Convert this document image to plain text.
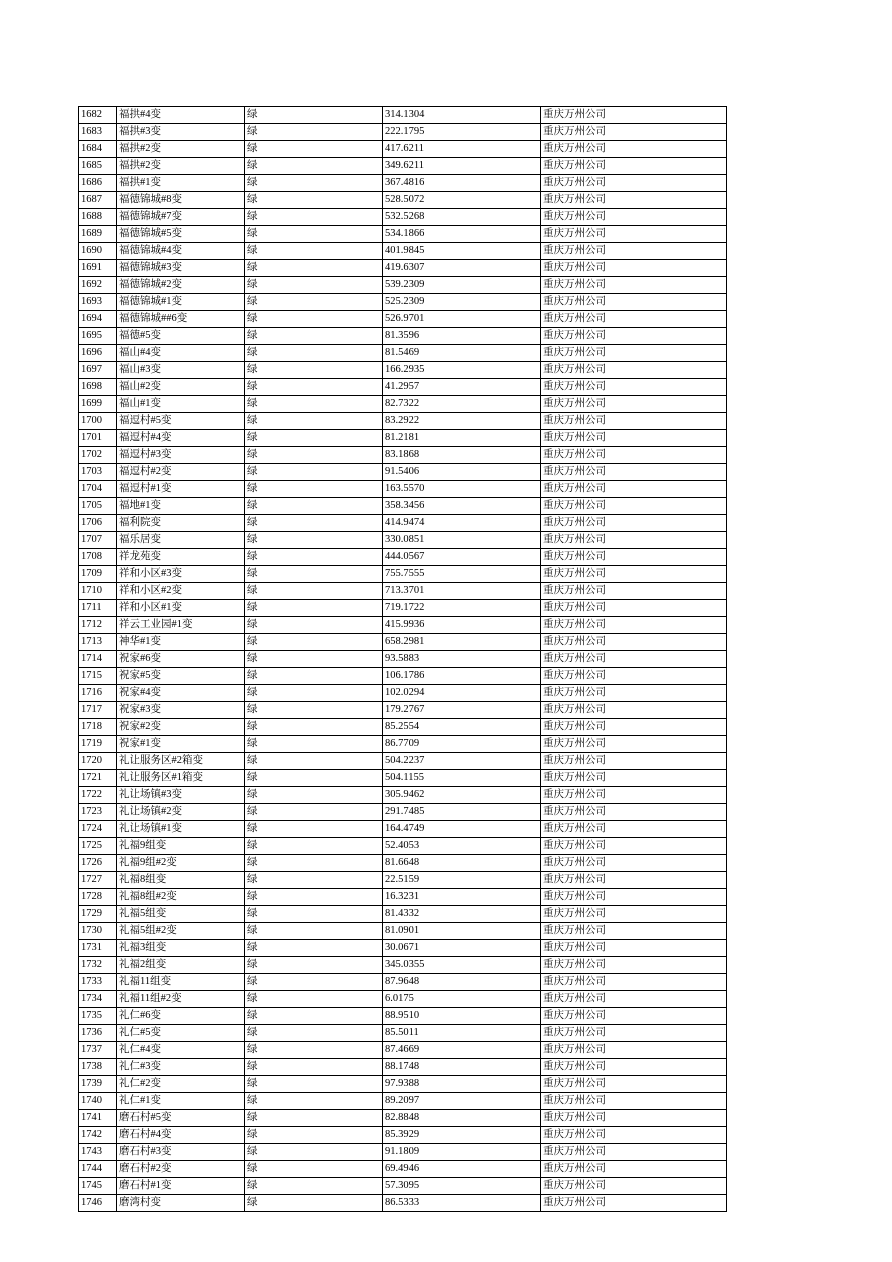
1682	福拱#4变	绿	314.1304	重庆万州公司
1683	福拱#3变	绿	222.1795	重庆万州公司
1684	福拱#2变	绿	417.6211	重庆万州公司
1685	福拱#2变	绿	349.6211	重庆万州公司
1686	福拱#1变	绿	367.4816	重庆万州公司
1687	福德锦城#8变	绿	528.5072	重庆万州公司
1688	福德锦城#7变	绿	532.5268	重庆万州公司
1689	福德锦城#5变	绿	534.1866	重庆万州公司
1690	福德锦城#4变	绿	401.9845	重庆万州公司
1691	福德锦城#3变	绿	419.6307	重庆万州公司
1692	福德锦城#2变	绿	539.2309	重庆万州公司
1693	福德锦城#1变	绿	525.2309	重庆万州公司
1694	福德锦城##6变	绿	526.9701	重庆万州公司
1695	福德#5变	绿	81.3596	重庆万州公司
1696	福山#4变	绿	81.5469	重庆万州公司
1697	福山#3变	绿	166.2935	重庆万州公司
1698	福山#2变	绿	41.2957	重庆万州公司
1699	福山#1变	绿	82.7322	重庆万州公司
1700	福逗村#5变	绿	83.2922	重庆万州公司
1701	福逗村#4变	绿	81.2181	重庆万州公司
1702	福逗村#3变	绿	83.1868	重庆万州公司
1703	福逗村#2变	绿	91.5406	重庆万州公司
1704	福逗村#1变	绿	163.5570	重庆万州公司
1705	福地#1变	绿	358.3456	重庆万州公司
1706	福利院变	绿	414.9474	重庆万州公司
1707	福乐居变	绿	330.0851	重庆万州公司
1708	祥龙苑变	绿	444.0567	重庆万州公司
1709	祥和小区#3变	绿	755.7555	重庆万州公司
1710	祥和小区#2变	绿	713.3701	重庆万州公司
1711	祥和小区#1变	绿	719.1722	重庆万州公司
1712	祥云工业园#1变	绿	415.9936	重庆万州公司
1713	神华#1变	绿	658.2981	重庆万州公司
1714	祝家#6变	绿	93.5883	重庆万州公司
1715	祝家#5变	绿	106.1786	重庆万州公司
1716	祝家#4变	绿	102.0294	重庆万州公司
1717	祝家#3变	绿	179.2767	重庆万州公司
1718	祝家#2变	绿	85.2554	重庆万州公司
1719	祝家#1变	绿	86.7709	重庆万州公司
1720	礼让服务区#2箱变	绿	504.2237	重庆万州公司
1721	礼让服务区#1箱变	绿	504.1155	重庆万州公司
1722	礼让场镇#3变	绿	305.9462	重庆万州公司
1723	礼让场镇#2变	绿	291.7485	重庆万州公司
1724	礼让场镇#1变	绿	164.4749	重庆万州公司
1725	礼福9组变	绿	52.4053	重庆万州公司
1726	礼福9组#2变	绿	81.6648	重庆万州公司
1727	礼福8组变	绿	22.5159	重庆万州公司
1728	礼福8组#2变	绿	16.3231	重庆万州公司
1729	礼福5组变	绿	81.4332	重庆万州公司
1730	礼福5组#2变	绿	81.0901	重庆万州公司
1731	礼福3组变	绿	30.0671	重庆万州公司
1732	礼福2组变	绿	345.0355	重庆万州公司
1733	礼福11组变	绿	87.9648	重庆万州公司
1734	礼福11组#2变	绿	6.0175	重庆万州公司
1735	礼仁#6变	绿	88.9510	重庆万州公司
1736	礼仁#5变	绿	85.5011	重庆万州公司
1737	礼仁#4变	绿	87.4669	重庆万州公司
1738	礼仁#3变	绿	88.1748	重庆万州公司
1739	礼仁#2变	绿	97.9388	重庆万州公司
1740	礼仁#1变	绿	89.2097	重庆万州公司
1741	磨石村#5变	绿	82.8848	重庆万州公司
1742	磨石村#4变	绿	85.3929	重庆万州公司
1743	磨石村#3变	绿	91.1809	重庆万州公司
1744	磨石村#2变	绿	69.4946	重庆万州公司
1745	磨石村#1变	绿	57.3095	重庆万州公司
1746	磨湾村变	绿	86.5333	重庆万州公司
